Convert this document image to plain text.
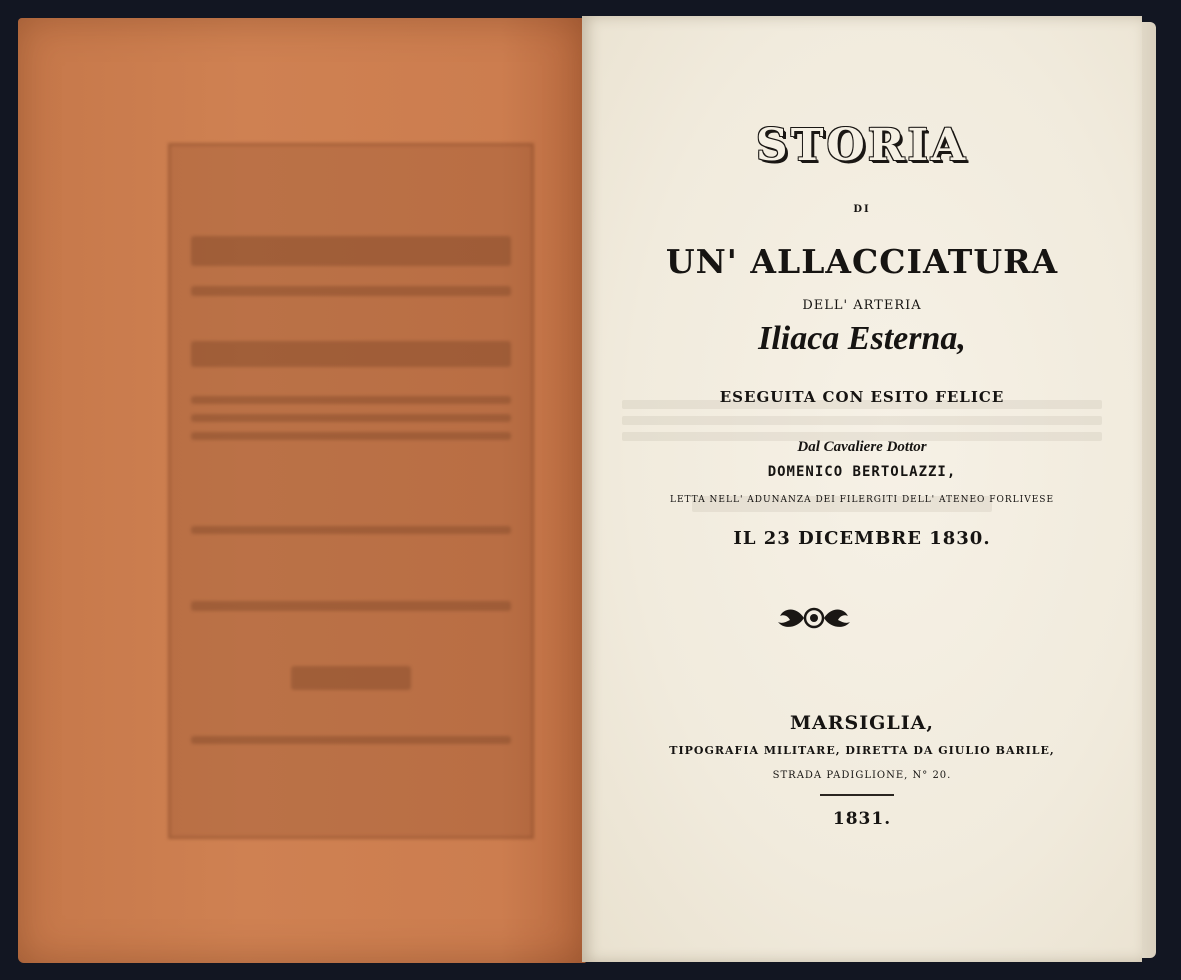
STORIA
DI
UN' ALLACCIATURA
DELL' ARTERIA
Iliaca Esterna,
ESEGUITA CON ESITO FELICE
Dal Cavaliere Dottor
DOMENICO BERTOLAZZI,
LETTA NELL' ADUNANZA DEI FILERGITI DELL' ATENEO FORLIVESE
IL 23 DICEMBRE 1830.
MARSIGLIA,
TIPOGRAFIA MILITARE, DIRETTA DA GIULIO BARILE,
STRADA PADIGLIONE, N° 20.
1831.
